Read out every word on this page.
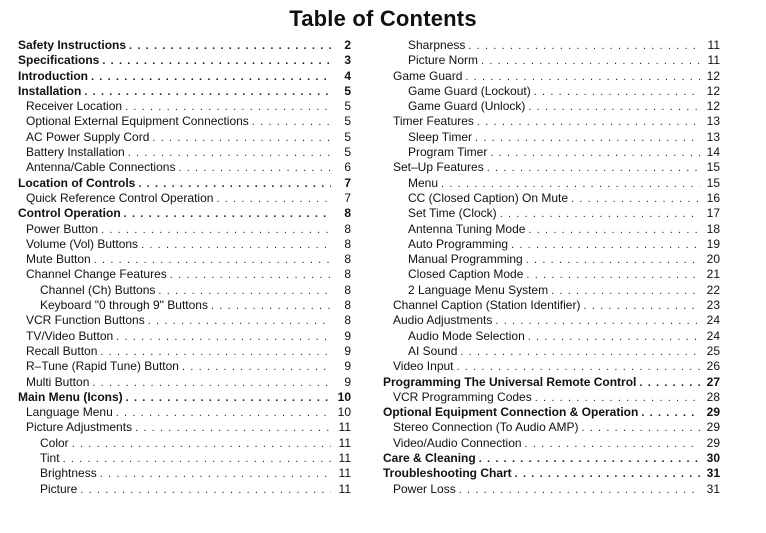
Table of Contents
Safety Instructions . . .	2
Specifications . . .	3
Introduction . . .	4
Installation . . .	5
Receiver Location . . .	5
Optional External Equipment Connections . . .	5
AC Power Supply Cord . . .	5
Battery Installation . . .	5
Antenna/Cable Connections . . .	6
Location of Controls . . .	7
Quick Reference Control Operation . . .	7
Control Operation . . .	8
Power Button . . .	8
Volume (Vol) Buttons . . .	8
Mute Button . . .	8
Channel Change Features . . .	8
Channel (Ch) Buttons . . .	8
Keyboard "0 through 9" Buttons . . .	8
VCR Function Buttons . . .	8
TV/Video Button . . .	9
Recall Button . . .	9
R–Tune (Rapid Tune) Button . . .	9
Multi Button . . .	9
Main Menu (Icons) . . .	10
Language Menu . . .	10
Picture Adjustments . . .	11
Color . . .	11
Tint . . .	11
Brightness . . .	11
Picture . . .	11
Sharpness . . .	11
Picture Norm . . .	11
Game Guard . . .	12
Game Guard (Lockout) . . .	12
Game Guard (Unlock) . . .	12
Timer Features . . .	13
Sleep Timer . . .	13
Program Timer . . .	14
Set–Up Features . . .	15
Menu . . .	15
CC (Closed Caption) On Mute . . .	16
Set Time (Clock) . . .	17
Antenna Tuning Mode . . .	18
Auto Programming . . .	19
Manual Programming . . .	20
Closed Caption Mode . . .	21
2 Language Menu System . . .	22
Channel Caption (Station Identifier) . . .	23
Audio Adjustments . . .	24
Audio Mode Selection . . .	24
AI Sound . . .	25
Video Input . . .	26
Programming The Universal Remote Control . . .	27
VCR Programming Codes . . .	28
Optional Equipment Connection & Operation . . .	29
Stereo Connection (To Audio AMP) . . .	29
Video/Audio Connection . . .	29
Care & Cleaning . . .	30
Troubleshooting Chart . . .	31
Power Loss . . .	31
